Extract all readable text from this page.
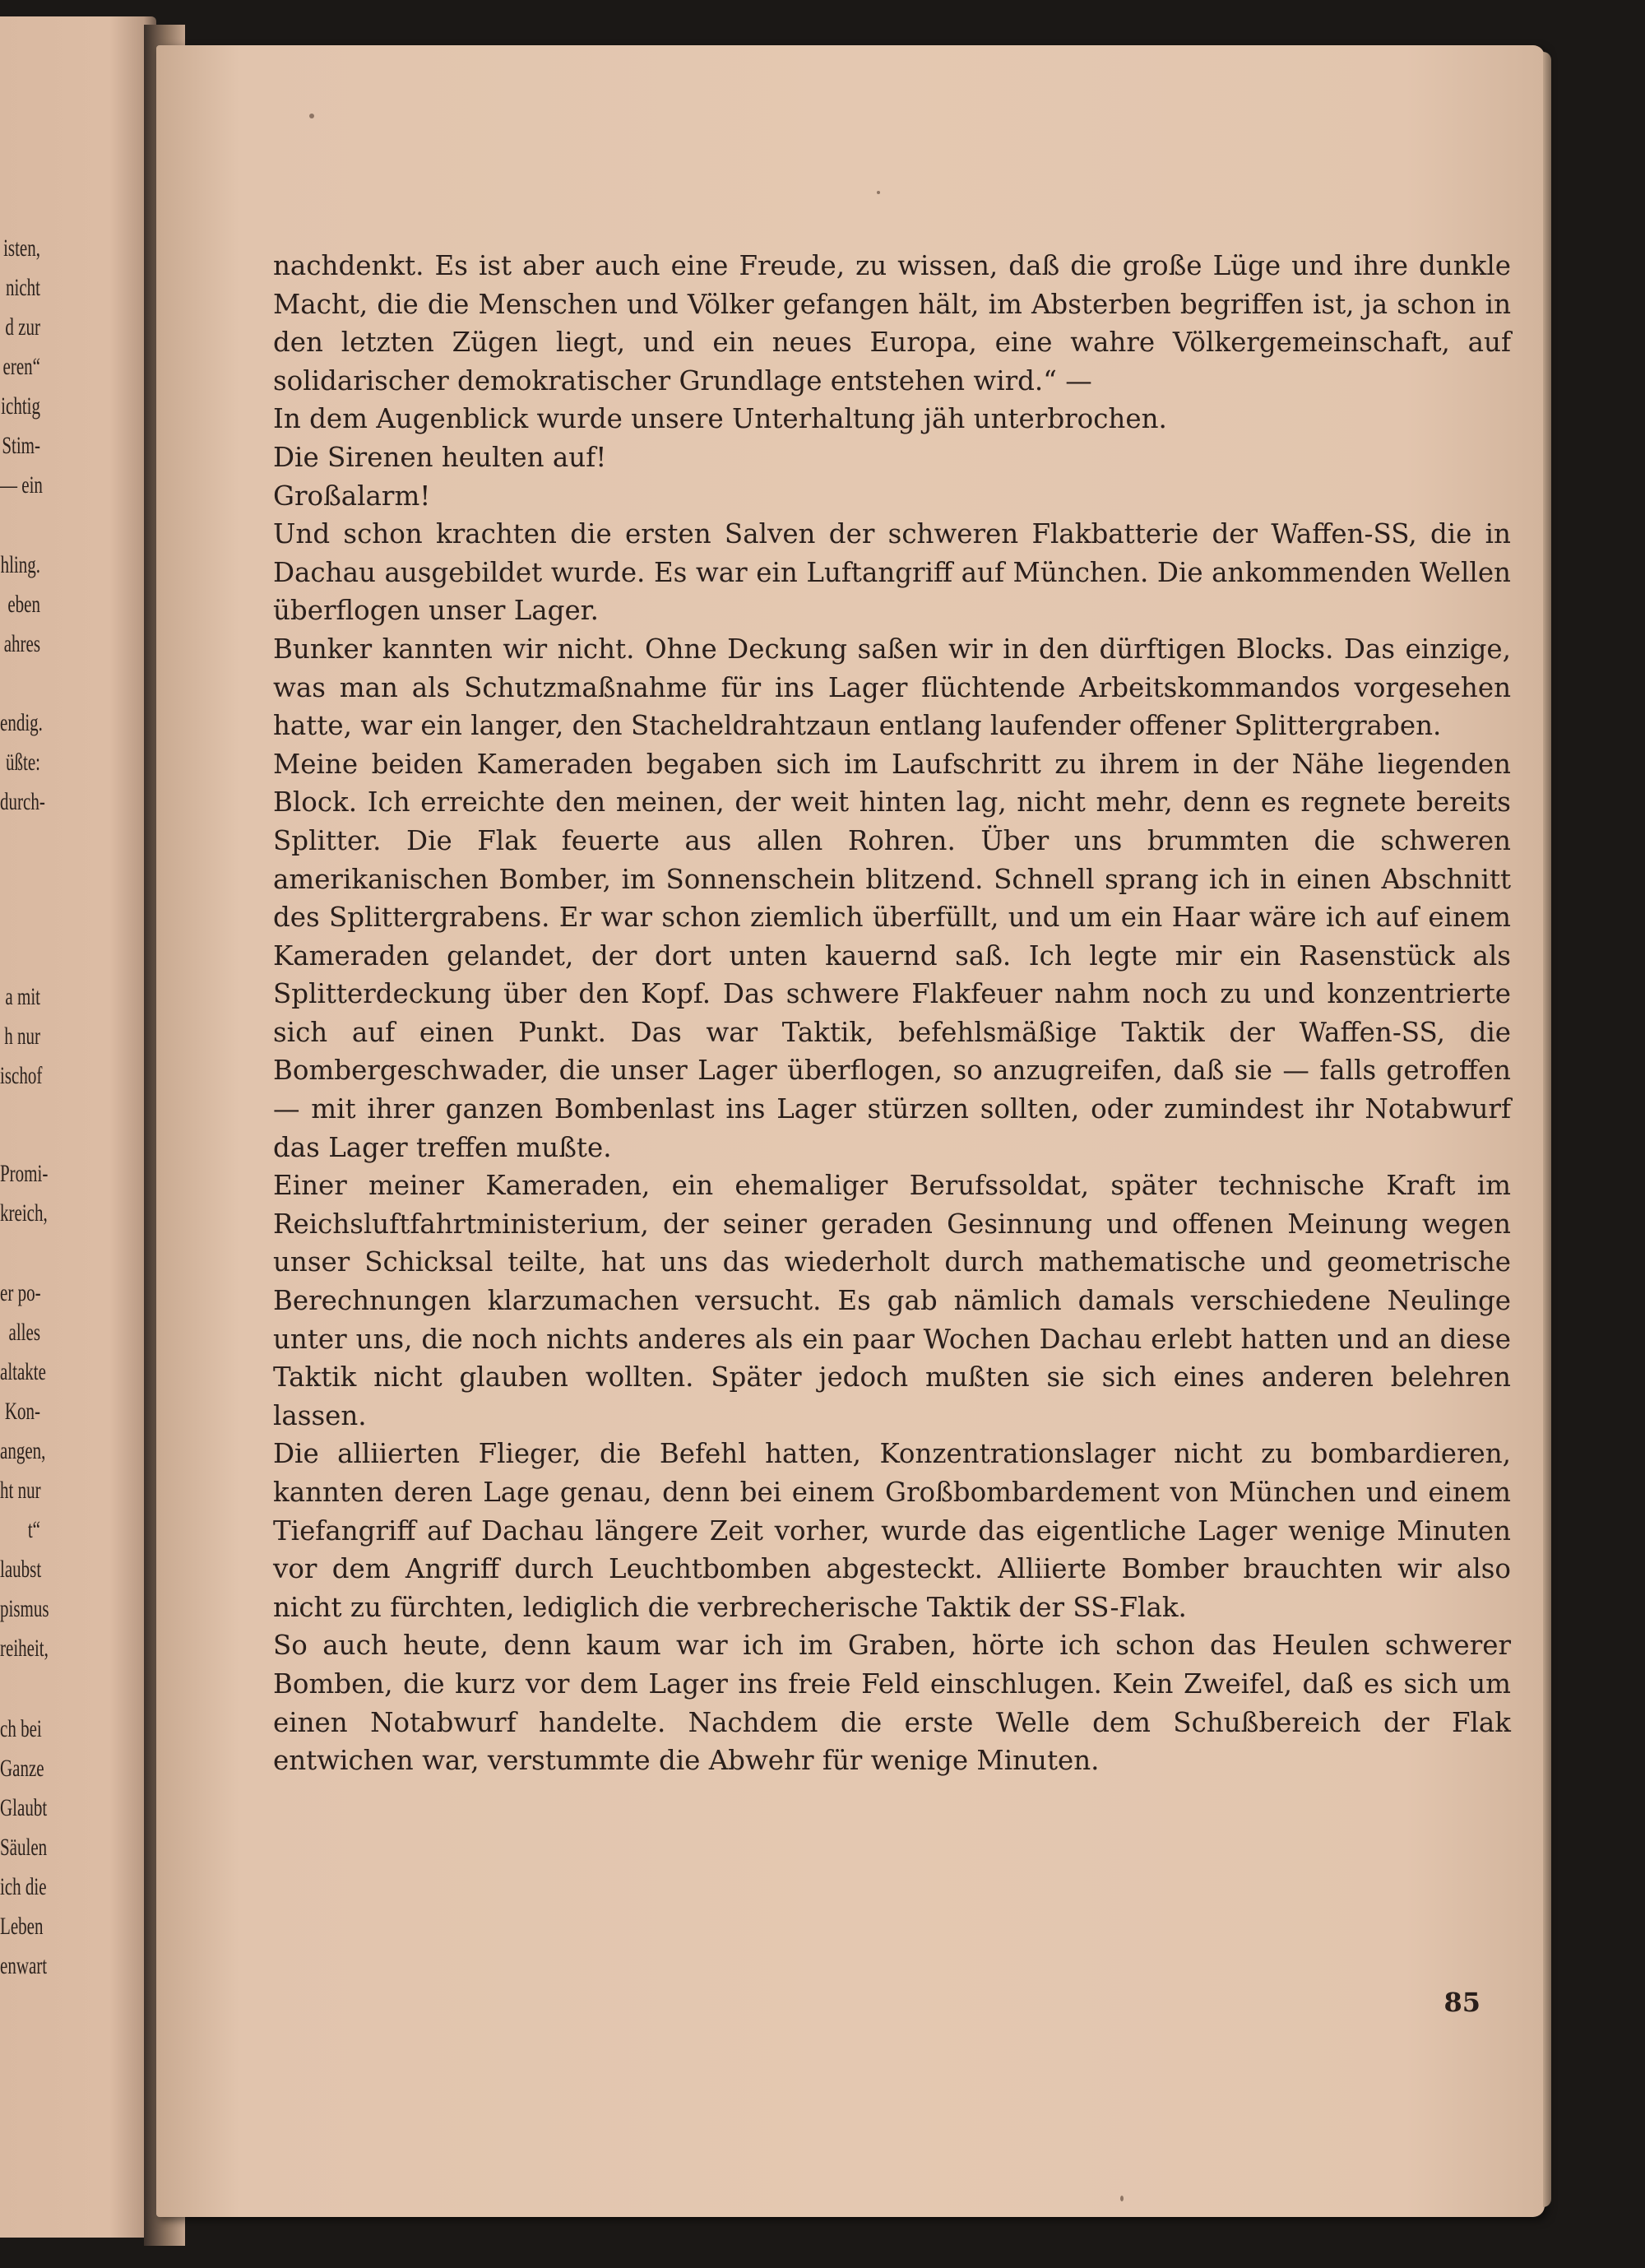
isten,
nicht
d zur
eren“
ichtig
Stim-
— ein
hling.
eben
ahres
endig.
üßte:
durch-
a mit
h nur
ischof
Promi-
kreich,
er po-
alles
altakte
Kon-
angen,
ht nur
t“
laubst
pismus
reiheit,
ch bei
Ganze
Glaubt
Säulen
ich die
Leben
enwart

nachdenkt. Es ist aber auch eine Freude, zu wissen, daß die große Lüge und ihre dunkle Macht, die die Menschen und Völker gefangen hält, im Absterben begriffen ist, ja schon in den letzten Zügen liegt, und ein neues Europa, eine wahre Völkergemeinschaft, auf solidarischer demokratischer Grundlage entstehen wird.“ —

In dem Augenblick wurde unsere Unterhaltung jäh unterbrochen.

Die Sirenen heulten auf!

Großalarm!

Und schon krachten die ersten Salven der schweren Flakbatterie der Waffen-SS, die in Dachau ausgebildet wurde. Es war ein Luftangriff auf München. Die ankommenden Wellen überflogen unser Lager.

Bunker kannten wir nicht. Ohne Deckung saßen wir in den dürftigen Blocks. Das einzige, was man als Schutzmaßnahme für ins Lager flüchtende Arbeitskommandos vorgesehen hatte, war ein langer, den Stacheldrahtzaun entlang laufender offener Splittergraben.

Meine beiden Kameraden begaben sich im Laufschritt zu ihrem in der Nähe liegenden Block. Ich erreichte den meinen, der weit hinten lag, nicht mehr, denn es regnete bereits Splitter. Die Flak feuerte aus allen Rohren. Über uns brummten die schweren amerikanischen Bomber, im Sonnenschein blitzend. Schnell sprang ich in einen Abschnitt des Splittergrabens. Er war schon ziemlich überfüllt, und um ein Haar wäre ich auf einem Kameraden gelandet, der dort unten kauernd saß. Ich legte mir ein Rasenstück als Splitterdeckung über den Kopf. Das schwere Flakfeuer nahm noch zu und konzentrierte sich auf einen Punkt. Das war Taktik, befehlsmäßige Taktik der Waffen-SS, die Bombergeschwader, die unser Lager überflogen, so anzugreifen, daß sie — falls getroffen — mit ihrer ganzen Bombenlast ins Lager stürzen sollten, oder zumindest ihr Notabwurf das Lager treffen mußte.

Einer meiner Kameraden, ein ehemaliger Berufssoldat, später technische Kraft im Reichsluftfahrtministerium, der seiner geraden Gesinnung und offenen Meinung wegen unser Schicksal teilte, hat uns das wiederholt durch mathematische und geometrische Berechnungen klarzumachen versucht. Es gab nämlich damals verschiedene Neulinge unter uns, die noch nichts anderes als ein paar Wochen Dachau erlebt hatten und an diese Taktik nicht glauben wollten. Später jedoch mußten sie sich eines anderen belehren lassen.

Die alliierten Flieger, die Befehl hatten, Konzentrationslager nicht zu bombardieren, kannten deren Lage genau, denn bei einem Großbombardement von München und einem Tiefangriff auf Dachau längere Zeit vorher, wurde das eigentliche Lager wenige Minuten vor dem Angriff durch Leuchtbomben abgesteckt. Alliierte Bomber brauchten wir also nicht zu fürchten, lediglich die verbrecherische Taktik der SS-Flak.

So auch heute, denn kaum war ich im Graben, hörte ich schon das Heulen schwerer Bomben, die kurz vor dem Lager ins freie Feld einschlugen. Kein Zweifel, daß es sich um einen Notabwurf handelte. Nachdem die erste Welle dem Schußbereich der Flak entwichen war, verstummte die Abwehr für wenige Minuten.

85
